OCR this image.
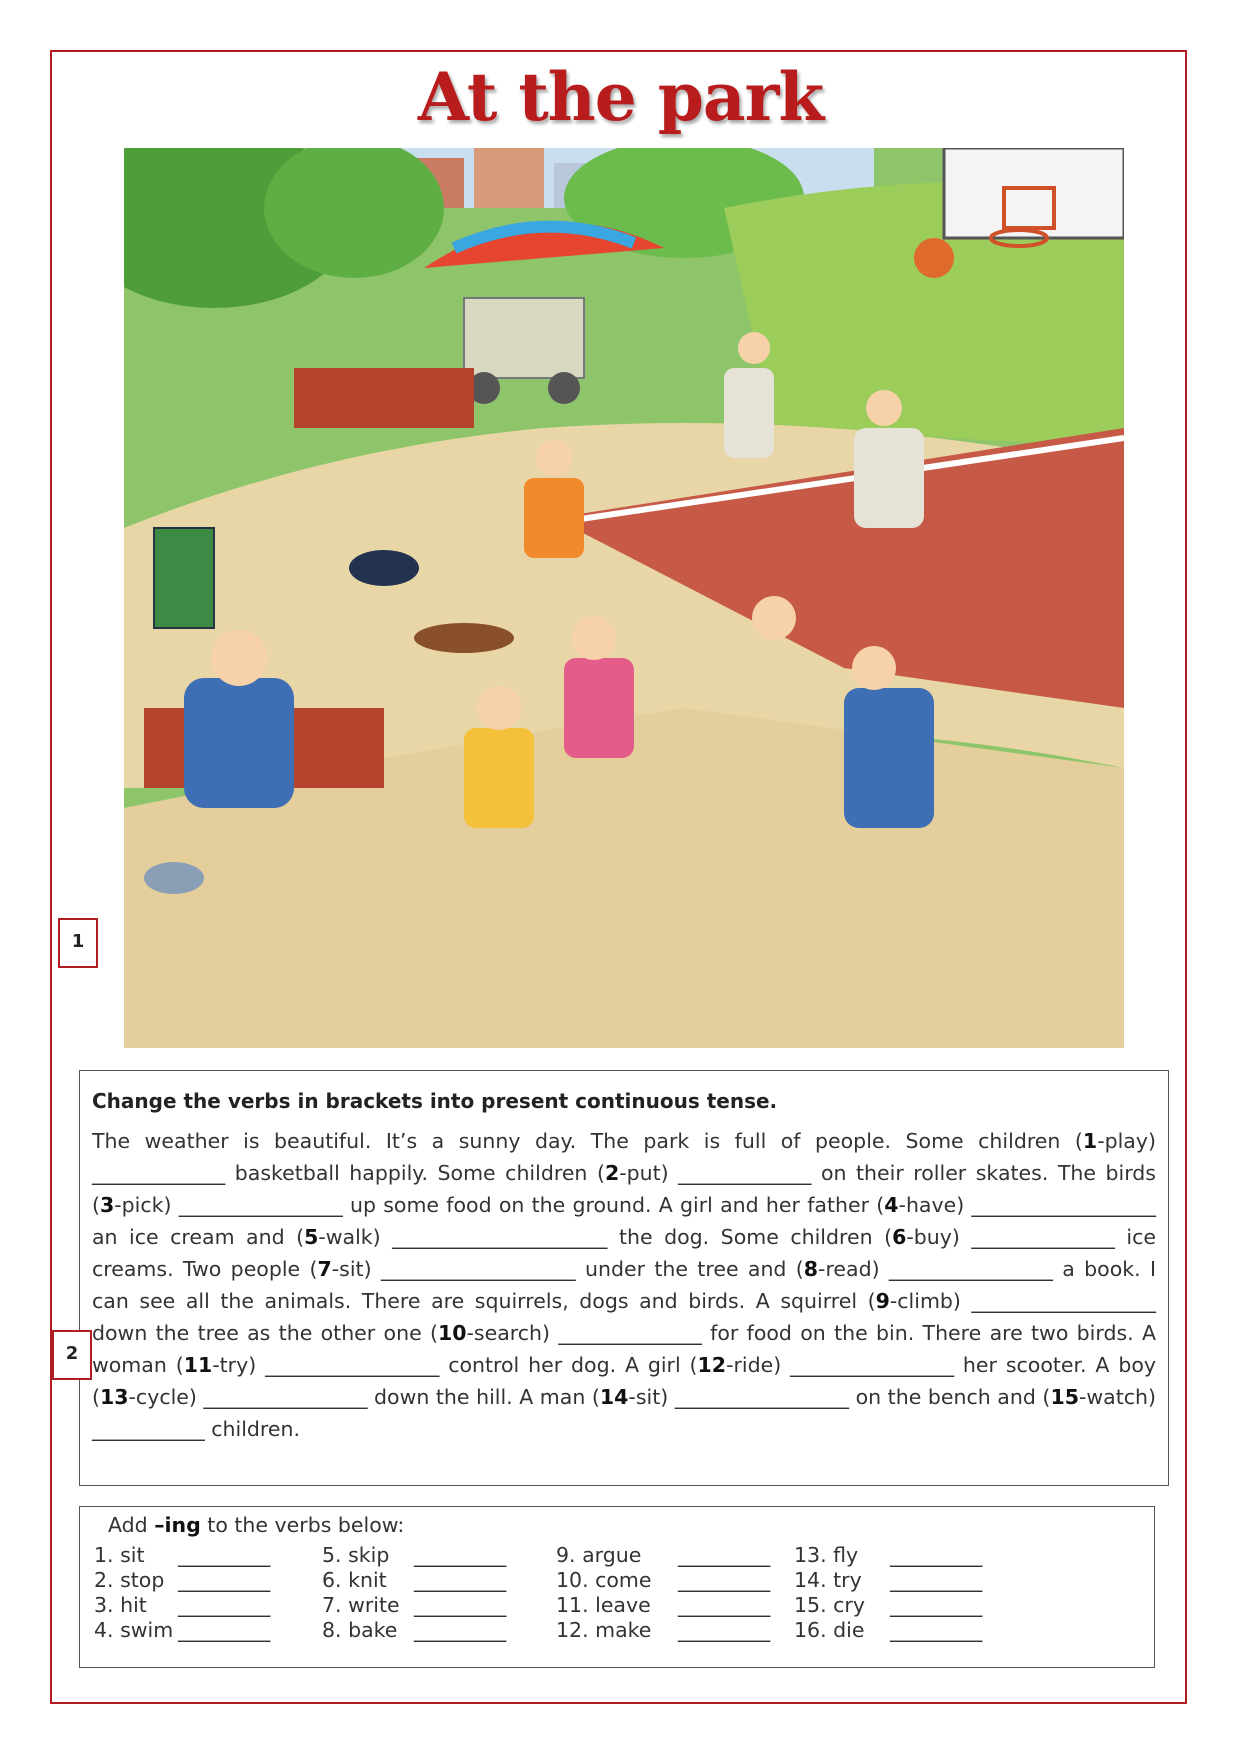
At the park
1
Change the verbs in brackets into present continuous tense.
The weather is beautiful. It’s a sunny day. The park is full of people. Some children (1-play) _____________ basketball happily. Some children (2-put) _____________ on their roller skates. The birds (3-pick) ________________ up some food on the ground. A girl and her father (4-have) __________________ an ice cream and (5-walk) _____________________ the dog. Some children (6-buy) ______________ ice creams. Two people (7-sit) ___________________ under the tree and (8-read) ________________ a book. I can see all the animals. There are squirrels, dogs and birds. A squirrel (9-climb) __________________ down the tree as the other one (10-search) ______________ for food on the bin. There are two birds. A woman (11-try) _________________ control her dog. A girl (12-ride) ________________ her scooter. A boy (13-cycle) ________________ down the hill. A man (14-sit) _________________ on the bench and (15-watch) ___________ children.
2
Add –ing to the verbs below:
1. sit _________	5. skip _________ 9. argue _________ 13. fly _________
2. stop _________	6. knit _________ 10. come _________ 14. try _________
3. hit _________	7. write _________ 11. leave _________ 15. cry _________
4. swim _________	8. bake _________ 12. make _________ 16. die _________
